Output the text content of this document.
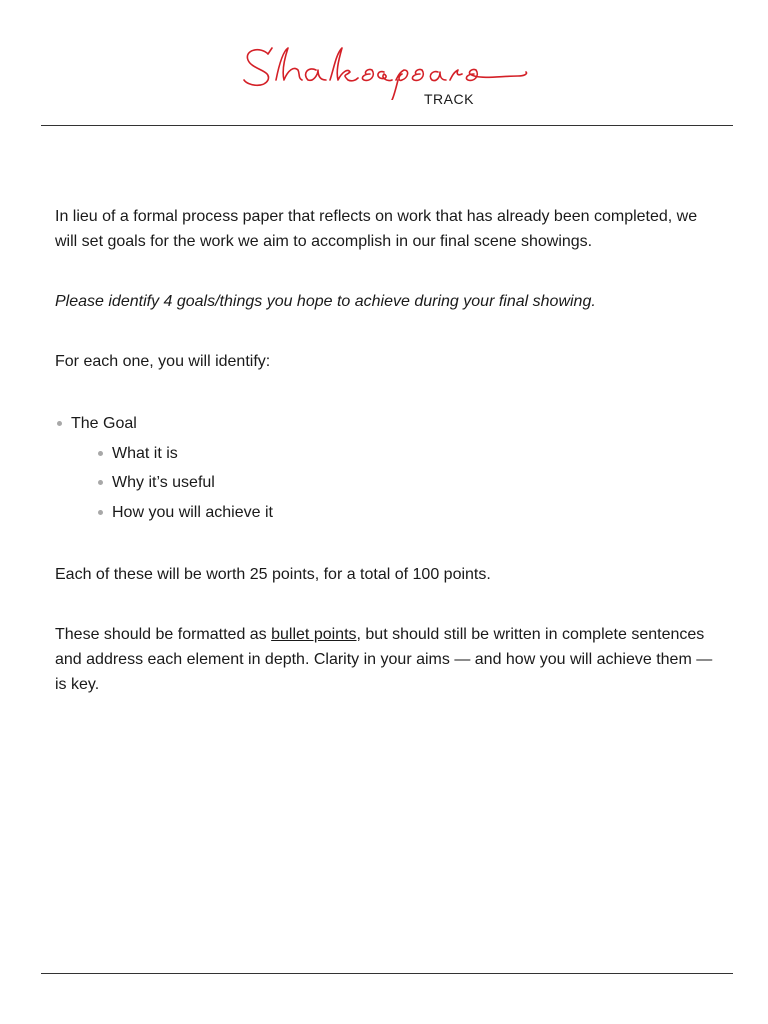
TRACK

In lieu of a formal process paper that reflects on work that has already been completed, we will set goals for the work we aim to accomplish in our final scene showings.

Please identify 4 goals/things you hope to achieve during your final showing.

For each one, you will identify:

The Goal
What it is
Why it’s useful
How you will achieve it

Each of these will be worth 25 points, for a total of 100 points.

These should be formatted as bullet points, but should still be written in complete sentences and address each element in depth. Clarity in your aims — and how you will achieve them — is key.
